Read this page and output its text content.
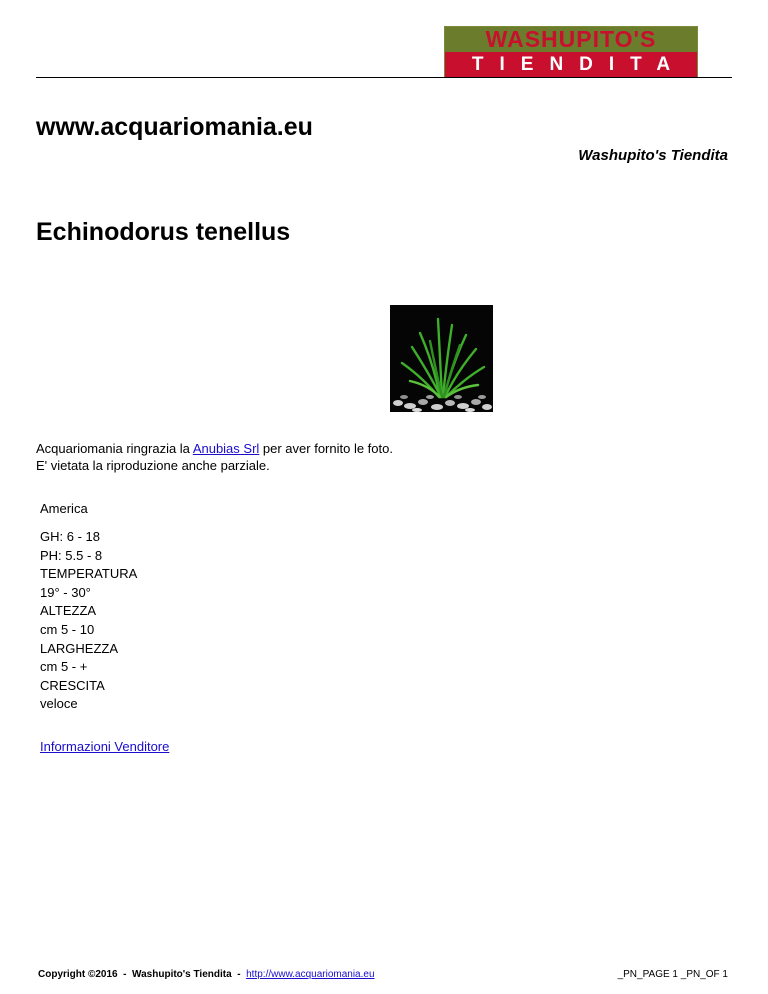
WASHUPITO'S
TIENDITA
www.acquariomania.eu
Washupito's Tiendita
Echinodorus tenellus
Acquariomania ringrazia la Anubias Srl per aver fornito le foto.
E' vietata la riproduzione anche parziale.
America
GH: 6 - 18
PH: 5.5 - 8
TEMPERATURA
19° - 30°
ALTEZZA
cm 5 - 10
LARGHEZZA
cm 5 - +
CRESCITA
veloce
Informazioni Venditore
Copyright ©2016  -  Washupito's Tiendita  -  http://www.acquariomania.eu	_PN_PAGE 1 _PN_OF 1
